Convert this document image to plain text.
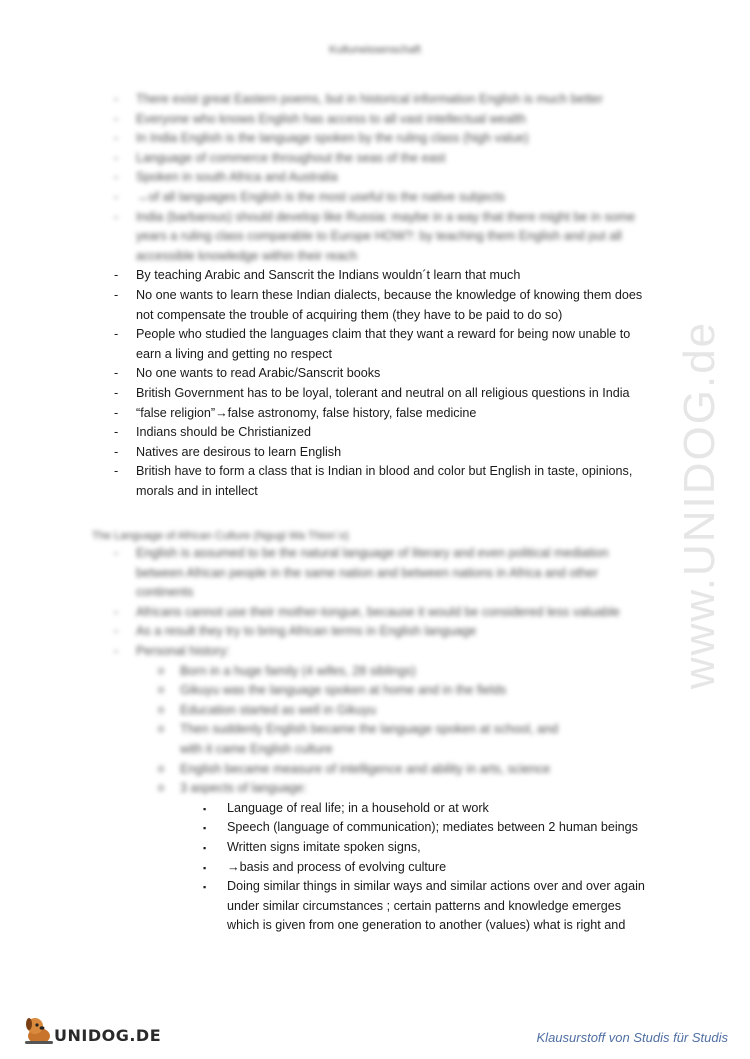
Kulturwissenschaft
- There exist great Eastern poems, but in historical information English is much better
- Everyone who knows English has access to all vast intellectual wealth
- In India English is the language spoken by the ruling class (high value)
- Language of commerce throughout the seas of the east
- Spoken in south Africa and Australia
- →of all languages English is the most useful to the native subjects
- India (barbarous) should develop like Russia: maybe in a way that there might be in some years a ruling class comparable to Europe HOW?: by teaching them English and put all accessible knowledge within their reach
- By teaching Arabic and Sanscrit the Indians wouldn´t learn that much
- No one wants to learn these Indian dialects, because the knowledge of knowing them does not compensate the trouble of acquiring them (they have to be paid to do so)
- People who studied the languages claim that they want a reward for being now unable to earn a living and getting no respect
- No one wants to read Arabic/Sanscrit books
- British Government has to be loyal, tolerant and neutral on all religious questions in India
- “false religion”→false astronomy, false history, false medicine
- Indians should be Christianized
- Natives are desirous to learn English
- British have to form a class that is Indian in blood and color but English in taste, opinions, morals and in intellect
The Language of African Culture (Ngugi Wa Thion´o)
- English is assumed to be the natural language of literary and even political mediation between African people in the same nation and between nations in Africa and other continents
- Africans cannot use their mother-tongue, because it would be considered less valuable
- As a result they try to bring African terms in English language
- Personal history:
o Born in a huge family (4 wifes, 28 siblings)
o Gikuyu was the language spoken at home and in the fields
o Education started as well in Gikuyu
o Then suddenly English became the language spoken at school, and with it came English culture
o English became measure of intelligence and ability in arts, science
o 3 aspects of language:
▪ Language of real life; in a household or at work
▪ Speech (language of communication); mediates between 2 human beings
▪ Written signs imitate spoken signs,
▪ →basis and process of evolving culture
▪ Doing similar things in similar ways and similar actions over and over again under similar circumstances ; certain patterns and knowledge emerges which is given from one generation to another (values) what is right and
www.UNIDOG.de
UNIDOG.DE	Klausurstoff von Studis für Studis
